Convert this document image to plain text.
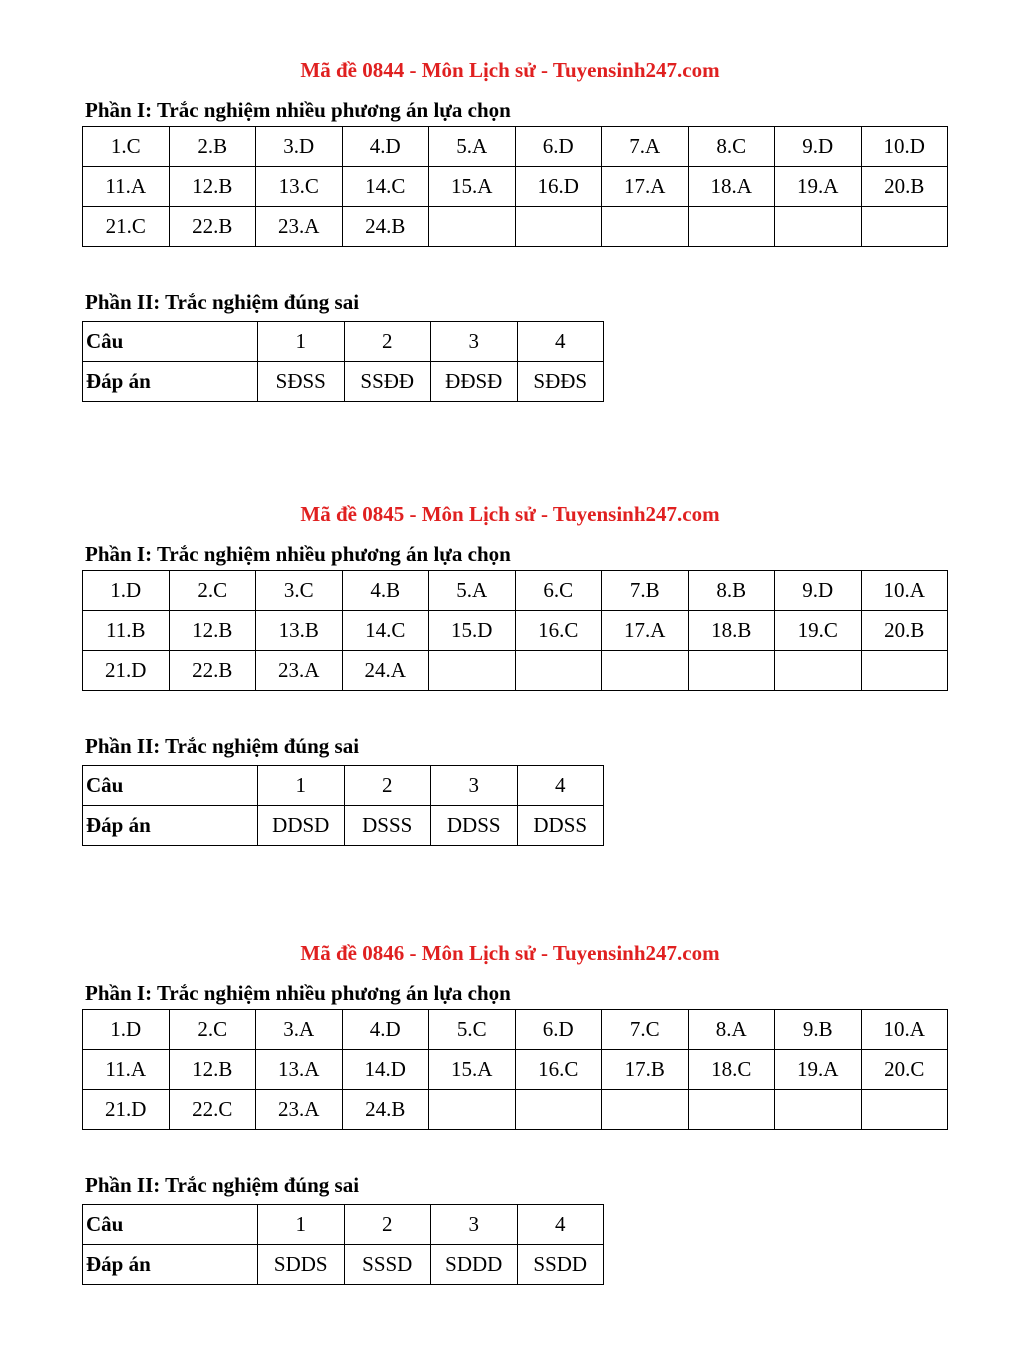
Mã đề 0844 - Môn Lịch sử - Tuyensinh247.com
Phần I: Trắc nghiệm nhiều phương án lựa chọn
1.C	2.B	3.D	4.D	5.A	6.D	7.A	8.C	9.D	10.D
11.A	12.B	13.C	14.C	15.A	16.D	17.A	18.A	19.A	20.B
21.C	22.B	23.A	24.B						
Phần II: Trắc nghiệm đúng sai
Câu	1	2	3	4
Đáp án	SĐSS	SSĐĐ	ĐĐSĐ	SĐĐS
Mã đề 0845 - Môn Lịch sử - Tuyensinh247.com
Phần I: Trắc nghiệm nhiều phương án lựa chọn
1.D	2.C	3.C	4.B	5.A	6.C	7.B	8.B	9.D	10.A
11.B	12.B	13.B	14.C	15.D	16.C	17.A	18.B	19.C	20.B
21.D	22.B	23.A	24.A						
Phần II: Trắc nghiệm đúng sai
Câu	1	2	3	4
Đáp án	DDSD	DSSS	DDSS	DDSS
Mã đề 0846 - Môn Lịch sử - Tuyensinh247.com
Phần I: Trắc nghiệm nhiều phương án lựa chọn
1.D	2.C	3.A	4.D	5.C	6.D	7.C	8.A	9.B	10.A
11.A	12.B	13.A	14.D	15.A	16.C	17.B	18.C	19.A	20.C
21.D	22.C	23.A	24.B						
Phần II: Trắc nghiệm đúng sai
Câu	1	2	3	4
Đáp án	SDDS	SSSD	SDDD	SSDD
